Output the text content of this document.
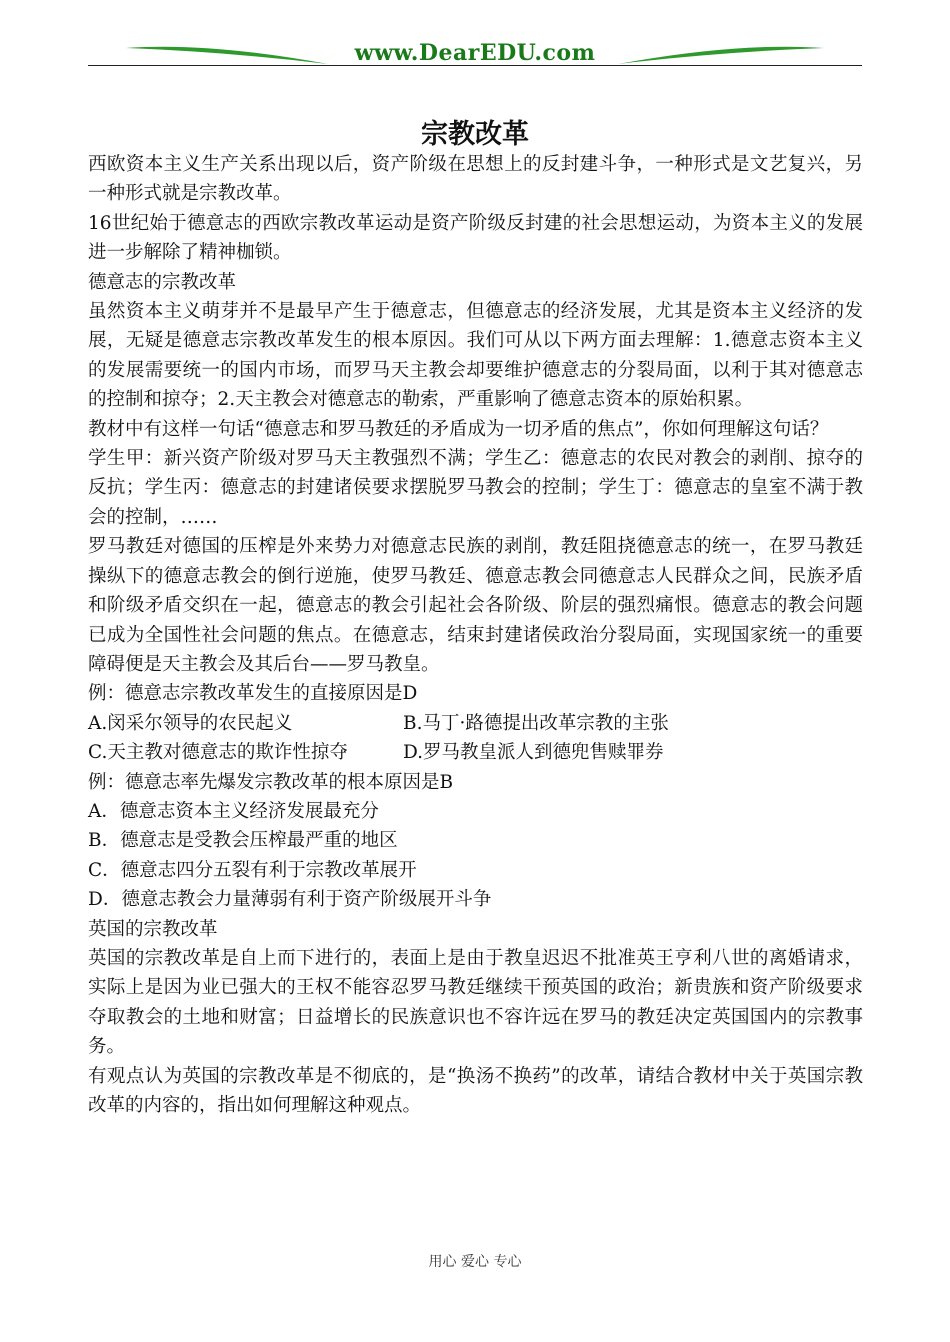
www.DearEDU.com
宗教改革

西欧资本主义生产关系出现以后，资产阶级在思想上的反封建斗争，一种形式是文艺复兴，另一种形式就是宗教改革。

16世纪始于德意志的西欧宗教改革运动是资产阶级反封建的社会思想运动，为资本主义的发展进一步解除了精神枷锁。

德意志的宗教改革

虽然资本主义萌芽并不是最早产生于德意志，但德意志的经济发展，尤其是资本主义经济的发展，无疑是德意志宗教改革发生的根本原因。我们可从以下两方面去理解：1.德意志资本主义的发展需要统一的国内市场，而罗马天主教会却要维护德意志的分裂局面，以利于其对德意志的控制和掠夺；2.天主教会对德意志的勒索，严重影响了德意志资本的原始积累。

教材中有这样一句话“德意志和罗马教廷的矛盾成为一切矛盾的焦点”，你如何理解这句话？

学生甲：新兴资产阶级对罗马天主教强烈不满；学生乙：德意志的农民对教会的剥削、掠夺的反抗；学生丙：德意志的封建诸侯要求摆脱罗马教会的控制；学生丁：德意志的皇室不满于教会的控制，……

罗马教廷对德国的压榨是外来势力对德意志民族的剥削，教廷阻挠德意志的统一，在罗马教廷操纵下的德意志教会的倒行逆施，使罗马教廷、德意志教会同德意志人民群众之间，民族矛盾和阶级矛盾交织在一起，德意志的教会引起社会各阶级、阶层的强烈痛恨。德意志的教会问题已成为全国性社会问题的焦点。在德意志，结束封建诸侯政治分裂局面，实现国家统一的重要障碍便是天主教会及其后台——罗马教皇。

例：德意志宗教改革发生的直接原因是D

A.闵采尔领导的农民起义	B.马丁·路德提出改革宗教的主张
C.天主教对德意志的欺诈性掠夺	D.罗马教皇派人到德兜售赎罪券

例：德意志率先爆发宗教改革的根本原因是B

A．德意志资本主义经济发展最充分

B．德意志是受教会压榨最严重的地区

C．德意志四分五裂有利于宗教改革展开

D．德意志教会力量薄弱有利于资产阶级展开斗争

英国的宗教改革

英国的宗教改革是自上而下进行的，表面上是由于教皇迟迟不批准英王亨利八世的离婚请求，实际上是因为业已强大的王权不能容忍罗马教廷继续干预英国的政治；新贵族和资产阶级要求夺取教会的土地和财富；日益增长的民族意识也不容许远在罗马的教廷决定英国国内的宗教事务。

有观点认为英国的宗教改革是不彻底的，是“换汤不换药”的改革，请结合教材中关于英国宗教改革的内容的，指出如何理解这种观点。

用心 爱心 专心
